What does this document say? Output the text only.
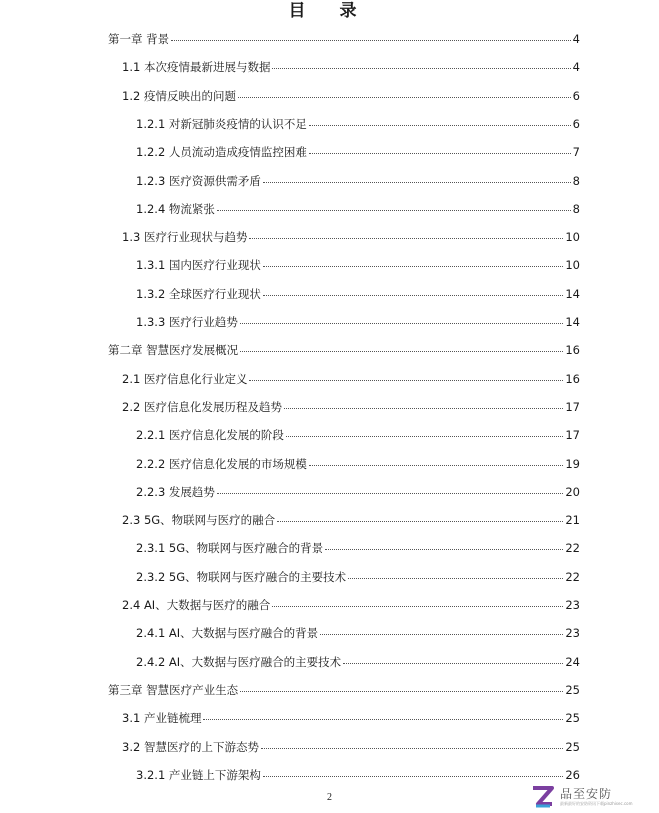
目 录
第一章 背景	4
1.1 本次疫情最新进展与数据	4
1.2 疫情反映出的问题	6
1.2.1 对新冠肺炎疫情的认识不足	6
1.2.2 人员流动造成疫情监控困难	7
1.2.3 医疗资源供需矛盾	8
1.2.4 物流紧张	8
1.3 医疗行业现状与趋势	10
1.3.1 国内医疗行业现状	10
1.3.2 全球医疗行业现状	14
1.3.3 医疗行业趋势	14
第二章 智慧医疗发展概况	16
2.1 医疗信息化行业定义	16
2.2 医疗信息化发展历程及趋势	17
2.2.1 医疗信息化发展的阶段	17
2.2.2 医疗信息化发展的市场规模	19
2.2.3 发展趋势	20
2.3 5G、物联网与医疗的融合	21
2.3.1 5G、物联网与医疗融合的背景	22
2.3.2 5G、物联网与医疗融合的主要技术	22
2.4 AI、大数据与医疗的融合	23
2.4.1 AI、大数据与医疗融合的背景	23
2.4.2 AI、大数据与医疗融合的主要技术	24
第三章 智慧医疗产业生态	25
3.1 产业链梳理	25
3.2 智慧医疗的上下游态势	25
3.2.1 产业链上下游架构	26
2	品至安防
最新最好的安防资讯下载pinzhisec.com
